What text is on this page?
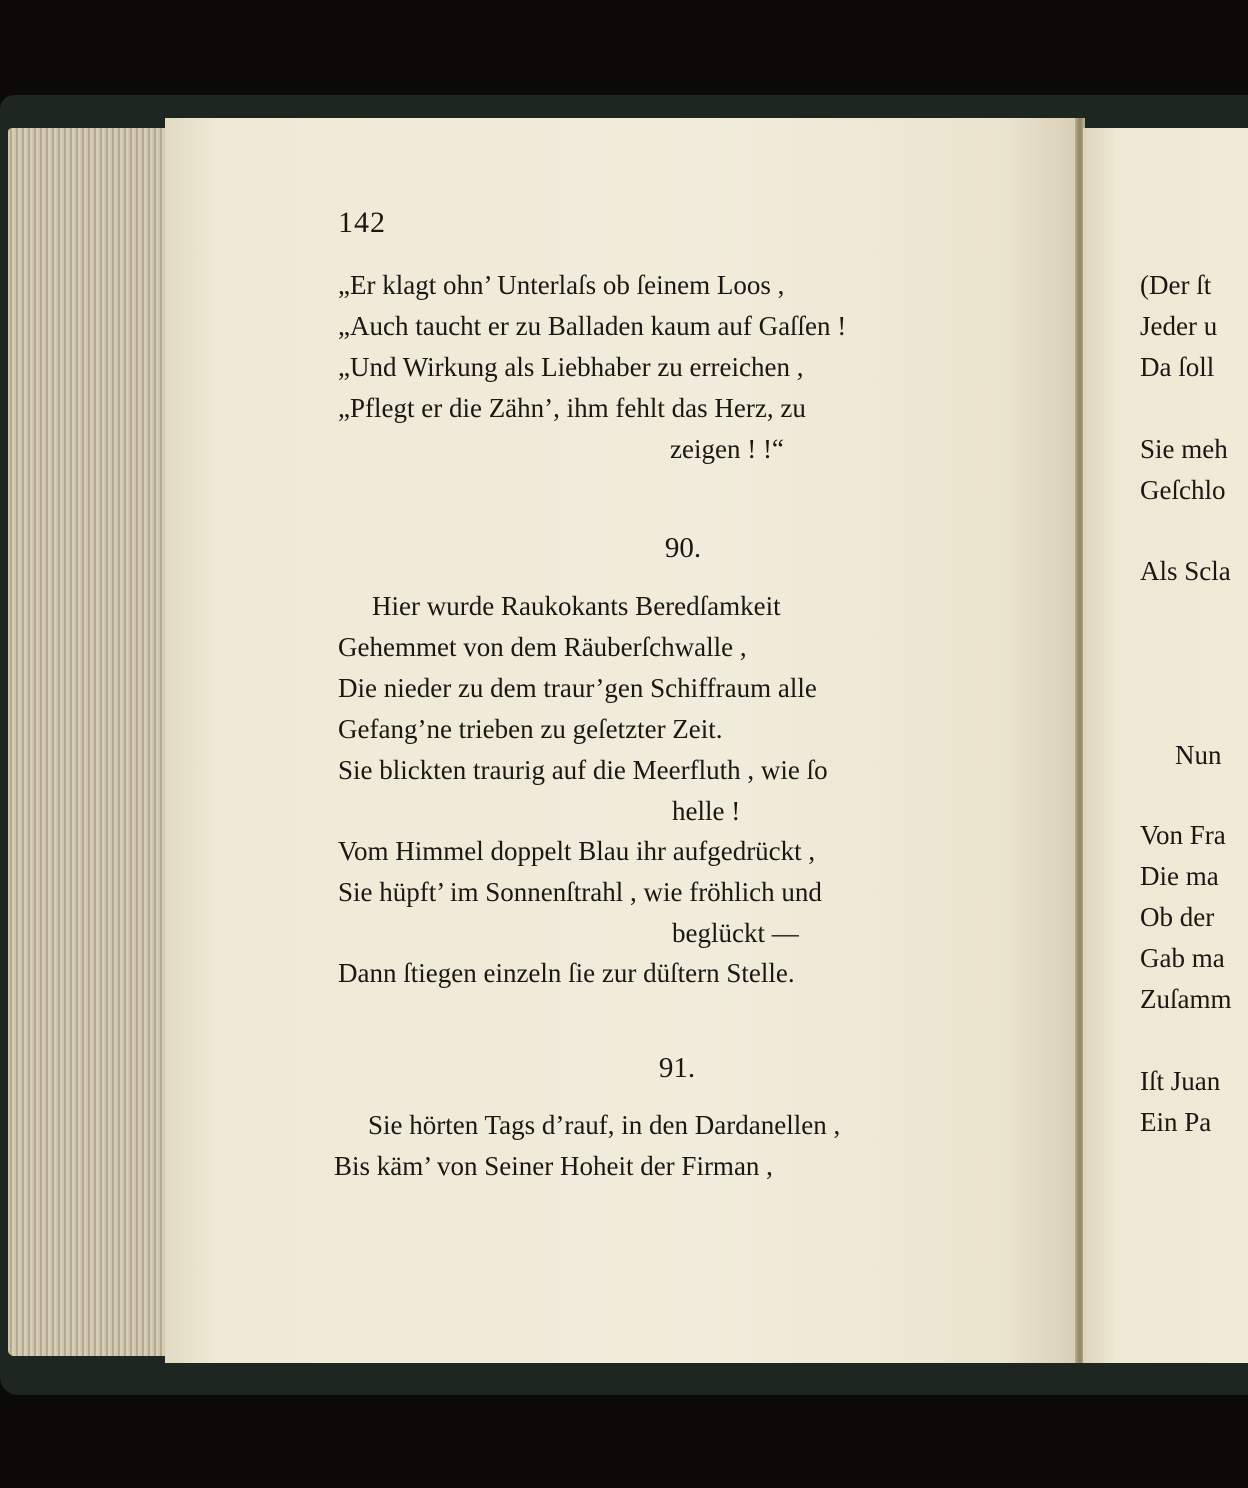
142
„Er klagt ohn’ Unterlaſs ob ſeinem Loos ,
„Auch taucht er zu Balladen kaum auf Gaſſen !
„Und Wirkung als Liebhaber zu erreichen ,
„Pflegt er die Zähn’, ihm fehlt das Herz, zu
zeigen ! !“
90.
Hier wurde Raukokants Beredſamkeit
Gehemmet von dem Räuberſchwalle ,
Die nieder zu dem traur’gen Schiffraum alle
Gefang’ne trieben zu geſetzter Zeit.
Sie blickten traurig auf die Meerfluth , wie ſo
helle !
Vom Himmel doppelt Blau ihr aufgedrückt ,
Sie hüpft’ im Sonnenſtrahl , wie fröhlich und
beglückt —
Dann ſtiegen einzeln ſie zur düſtern Stelle.
91.
Sie hörten Tags d’rauf, in den Dardanellen ,
Bis käm’ von Seiner Hoheit der Firman ,
(Der ſt
Jeder u
Da ſoll
Sie meh
Geſchlo
Als Scla
Nun
Von Fra
Die ma
Ob der
Gab ma
Zuſamm
Iſt Juan
Ein Pa
